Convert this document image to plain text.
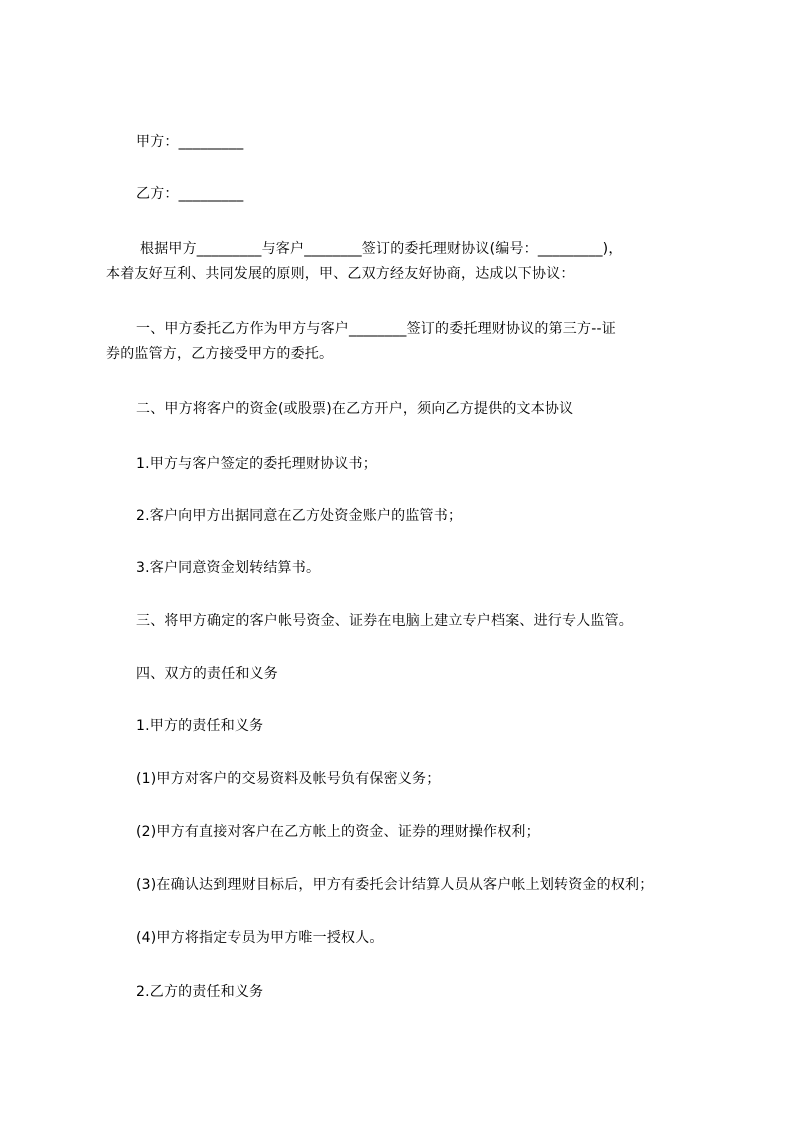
甲方：_________
乙方：_________
根据甲方_________与客户________签订的委托理财协议(编号：_________)，
本着友好互利、共同发展的原则，甲、乙双方经友好协商，达成以下协议：
一、甲方委托乙方作为甲方与客户________签订的委托理财协议的第三方--证
券的监管方，乙方接受甲方的委托。
二、甲方将客户的资金(或股票)在乙方开户，须向乙方提供的文本协议
1.甲方与客户签定的委托理财协议书；
2.客户向甲方出据同意在乙方处资金账户的监管书；
3.客户同意资金划转结算书。
三、将甲方确定的客户帐号资金、证券在电脑上建立专户档案、进行专人监管。
四、双方的责任和义务
1.甲方的责任和义务
(1)甲方对客户的交易资料及帐号负有保密义务；
(2)甲方有直接对客户在乙方帐上的资金、证券的理财操作权利；
(3)在确认达到理财目标后，甲方有委托会计结算人员从客户帐上划转资金的权利；
(4)甲方将指定专员为甲方唯一授权人。
2.乙方的责任和义务
